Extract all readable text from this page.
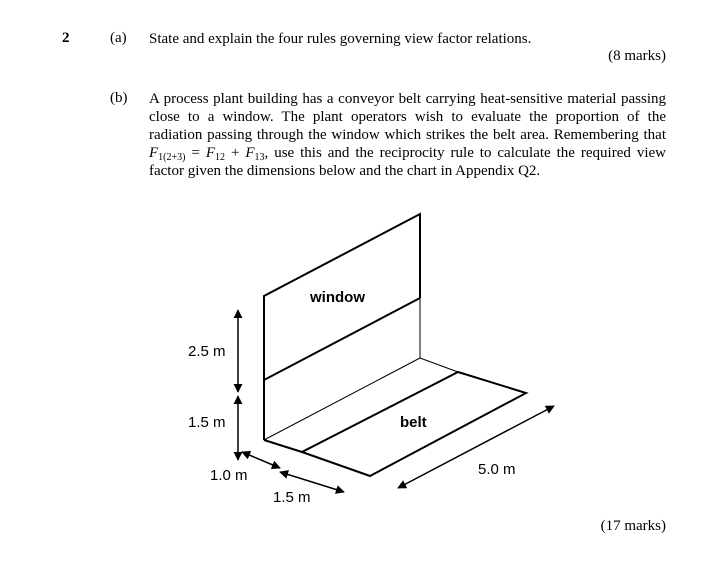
2	(a) State and explain the four rules governing view factor relations.
(8 marks)
(b) A process plant building has a conveyor belt carrying heat-sensitive material passing close to a window. The plant operators wish to evaluate the proportion of the radiation passing through the window which strikes the belt area. Remembering that $F_{1(2+3)} = F_{12} + F_{13}$, use this and the reciprocity rule to calculate the required view factor given the dimensions below and the chart in Appendix Q2.
window
belt
2.5 m
1.5 m
1.0 m
1.5 m
5.0 m
(17 marks)
